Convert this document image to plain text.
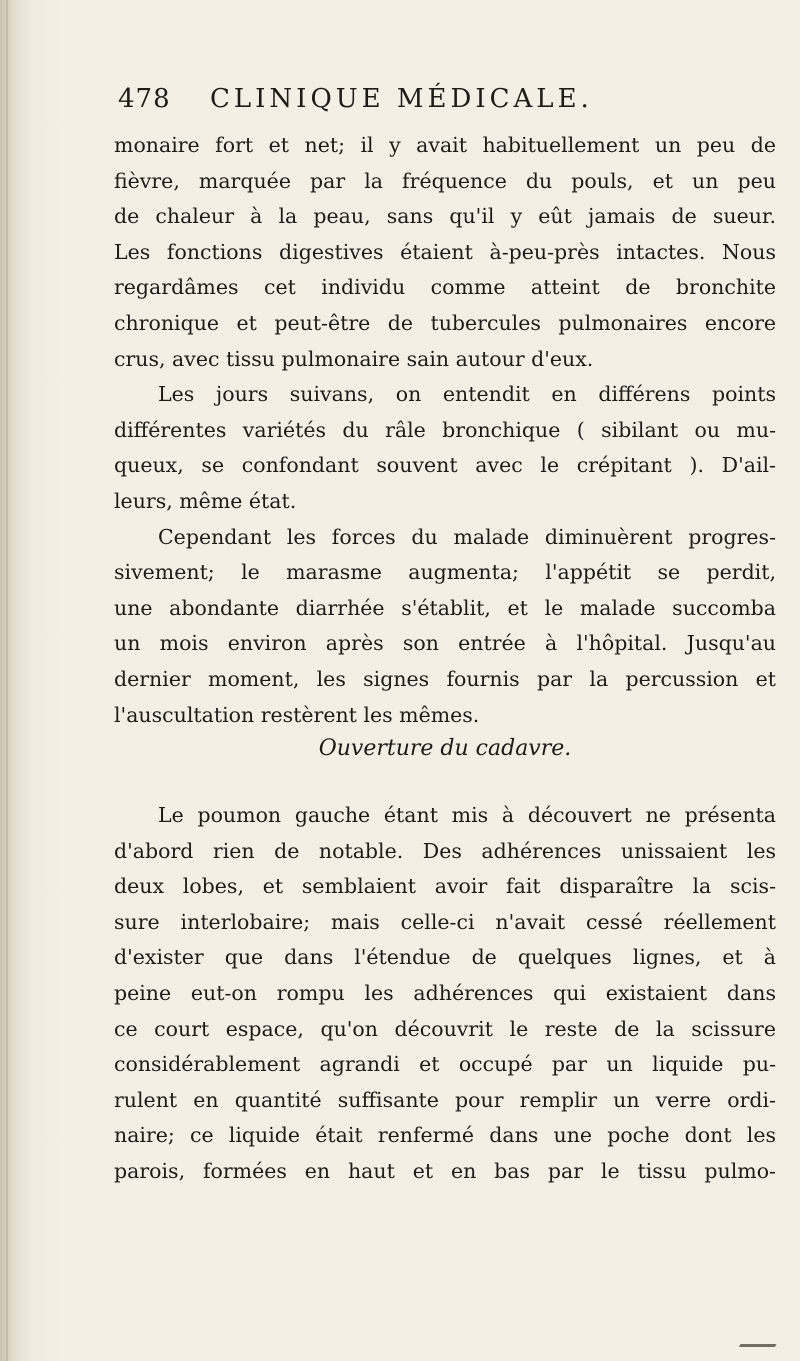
478 CLINIQUE MÉDICALE.
monaire fort et net; il y avait habituellement un peu de
fièvre, marquée par la fréquence du pouls, et un peu
de chaleur à la peau, sans qu'il y eût jamais de sueur.
Les fonctions digestives étaient à-peu-près intactes. Nous
regardâmes cet individu comme atteint de bronchite
chronique et peut-être de tubercules pulmonaires encore
crus, avec tissu pulmonaire sain autour d'eux.
Les jours suivans, on entendit en différens points
différentes variétés du râle bronchique ( sibilant ou mu-
queux, se confondant souvent avec le crépitant ). D'ail-
leurs, même état.
Cependant les forces du malade diminuèrent progres-
sivement; le marasme augmenta; l'appétit se perdit,
une abondante diarrhée s'établit, et le malade succomba
un mois environ après son entrée à l'hôpital. Jusqu'au
dernier moment, les signes fournis par la percussion et
l'auscultation restèrent les mêmes.
Ouverture du cadavre.
Le poumon gauche étant mis à découvert ne présenta
d'abord rien de notable. Des adhérences unissaient les
deux lobes, et semblaient avoir fait disparaître la scis-
sure interlobaire; mais celle-ci n'avait cessé réellement
d'exister que dans l'étendue de quelques lignes, et à
peine eut-on rompu les adhérences qui existaient dans
ce court espace, qu'on découvrit le reste de la scissure
considérablement agrandi et occupé par un liquide pu-
rulent en quantité suffisante pour remplir un verre ordi-
naire; ce liquide était renfermé dans une poche dont les
parois, formées en haut et en bas par le tissu pulmo-
